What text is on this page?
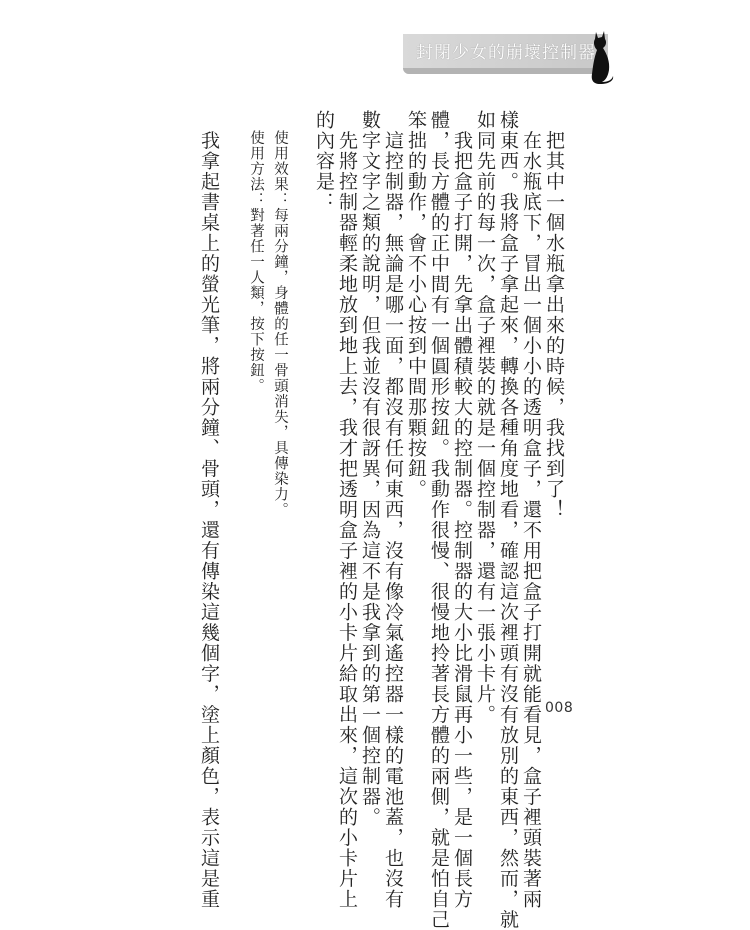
封閉少女的崩壞控制器
　把其中一個水瓶拿出來的時候，我找到了！
　在水瓶底下，冒出一個小小的透明盒子，還不用把盒子打開就能看見，盒子裡頭裝著兩
樣東西。我將盒子拿起來，轉換各種角度地看，確認這次裡頭有沒有放別的東西，然而，就
如同先前的每一次，盒子裡裝的就是一個控制器，還有一張小卡片。
　我把盒子打開，先拿出體積較大的控制器。控制器的大小比滑鼠再小一些，是一個長方
體，長方體的正中間有一個圓形按鈕。我動作很慢、很慢地拎著長方體的兩側，就是怕自己
笨拙的動作，會不小心按到中間那顆按鈕。
　這控制器，無論是哪一面，都沒有任何東西，沒有像冷氣遙控器一樣的電池蓋，也沒有
數字文字之類的說明，但我並沒有很訝異，因為這不是我拿到的第一個控制器。
　先將控制器輕柔地放到地上去，我才把透明盒子裡的小卡片給取出來，這次的小卡片上
的內容是：
使用效果：每兩分鐘，身體的任一骨頭消失，具傳染力。
使用方法：對著任一人類，按下按鈕。
　我拿起書桌上的螢光筆，將兩分鐘、骨頭，還有傳染這幾個字，塗上顏色，表示這是重	008
